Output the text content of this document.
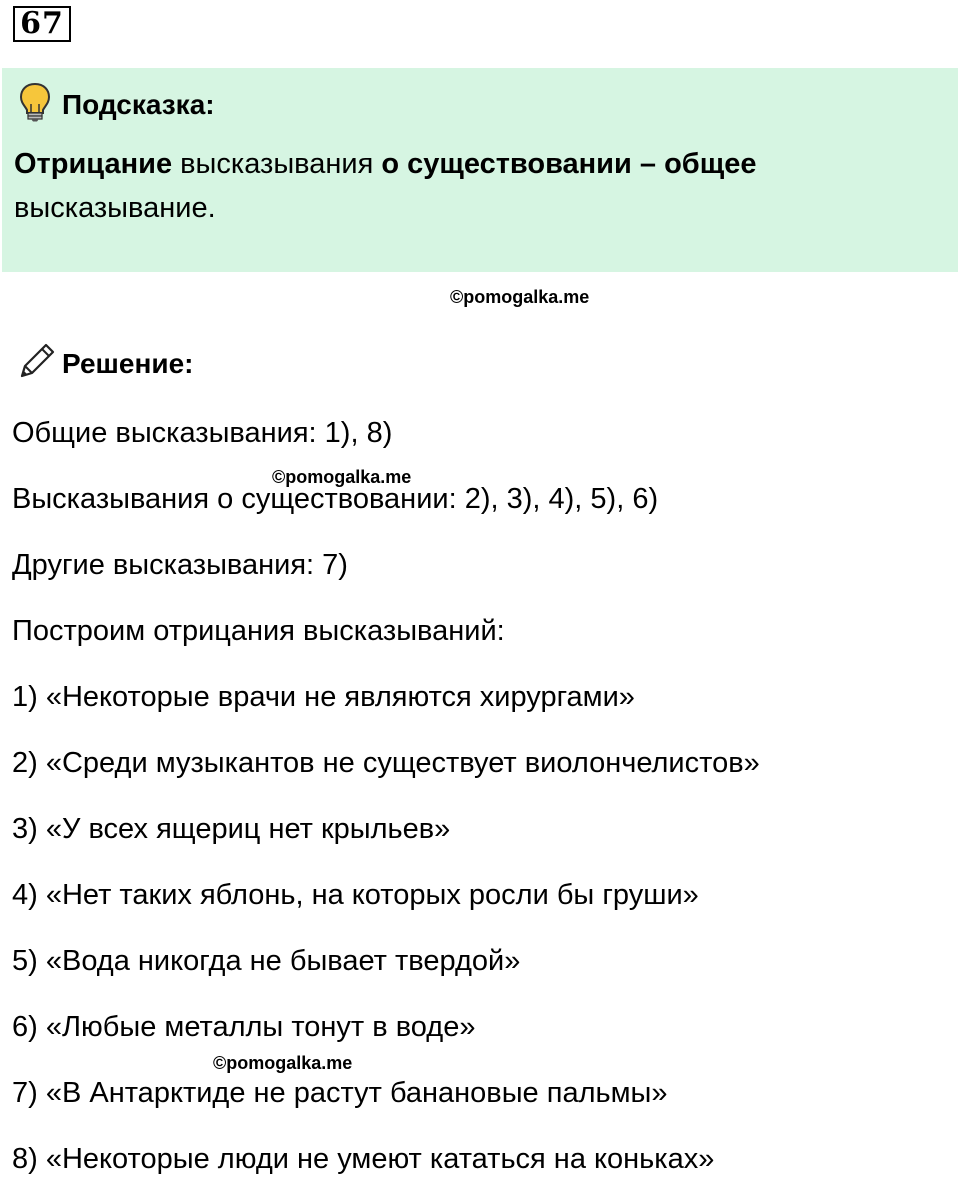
67
Подсказка:
Отрицание высказывания о существовании – общее
высказывание.
©pomogalka.me
Решение:
Общие высказывания: 1), 8)
©pomogalka.me
Высказывания о существовании: 2), 3), 4), 5), 6)
Другие высказывания: 7)
Построим отрицания высказываний:
1) «Некоторые врачи не являются хирургами»
2) «Среди музыкантов не существует виолончелистов»
3) «У всех ящериц нет крыльев»
4) «Нет таких яблонь, на которых росли бы груши»
5) «Вода никогда не бывает твердой»
6) «Любые металлы тонут в воде»
©pomogalka.me
7) «В Антарктиде не растут банановые пальмы»
8) «Некоторые люди не умеют кататься на коньках»
